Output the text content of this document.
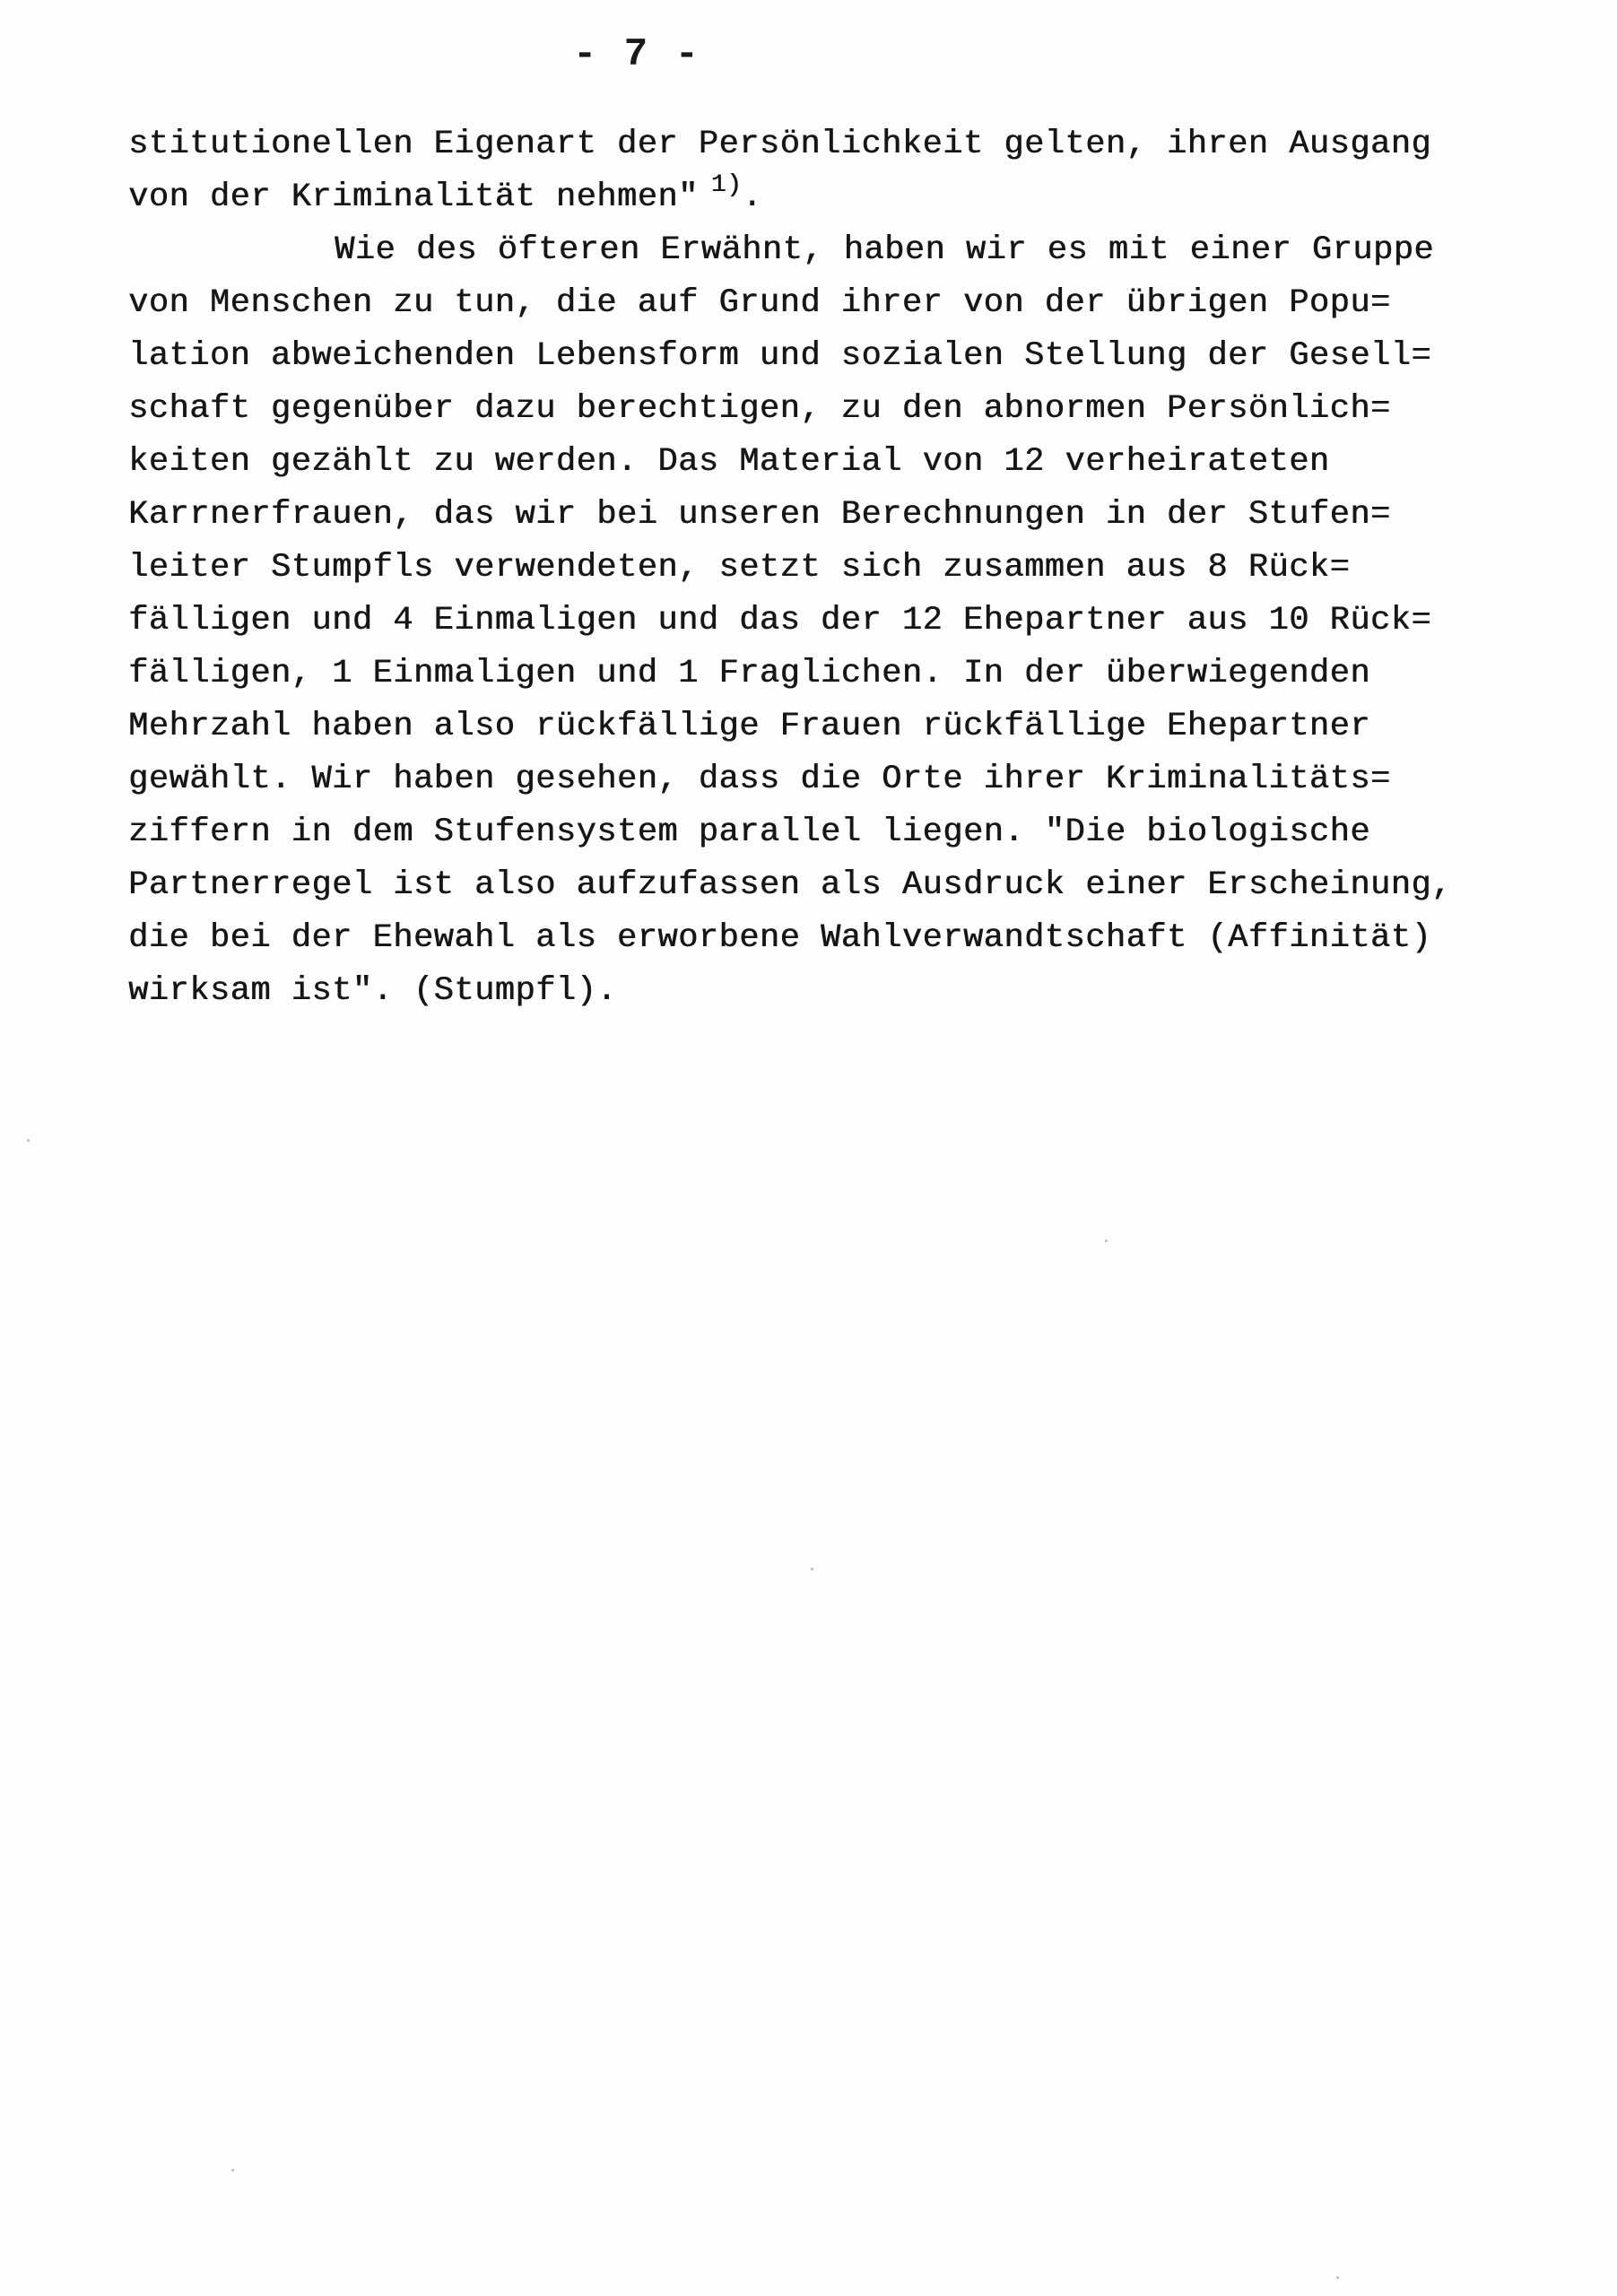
- 7 -
stitutionellen Eigenart der Persönlichkeit gelten, ihren Ausgang
von der Kriminalität nehmen" $^{1)}$.
Wie des öfteren Erwähnt, haben wir es mit einer Gruppe
von Menschen zu tun, die auf Grund ihrer von der übrigen Popu=
lation abweichenden Lebensform und sozialen Stellung der Gesell=
schaft gegenüber dazu berechtigen, zu den abnormen Persönlich=
keiten gezählt zu werden. Das Material von 12 verheirateten
Karrnerfrauen, das wir bei unseren Berechnungen in der Stufen=
leiter Stumpfls verwendeten, setzt sich zusammen aus 8 Rück=
fälligen und 4 Einmaligen und das der 12 Ehepartner aus 10 Rück=
fälligen, 1 Einmaligen und 1 Fraglichen. In der überwiegenden
Mehrzahl haben also rückfällige Frauen rückfällige Ehepartner
gewählt. Wir haben gesehen, dass die Orte ihrer Kriminalitäts=
ziffern in dem Stufensystem parallel liegen. "Die biologische
Partnerregel ist also aufzufassen als Ausdruck einer Erscheinung,
die bei der Ehewahl als erworbene Wahlverwandtschaft (Affinität)
wirksam ist". (Stumpfl).
